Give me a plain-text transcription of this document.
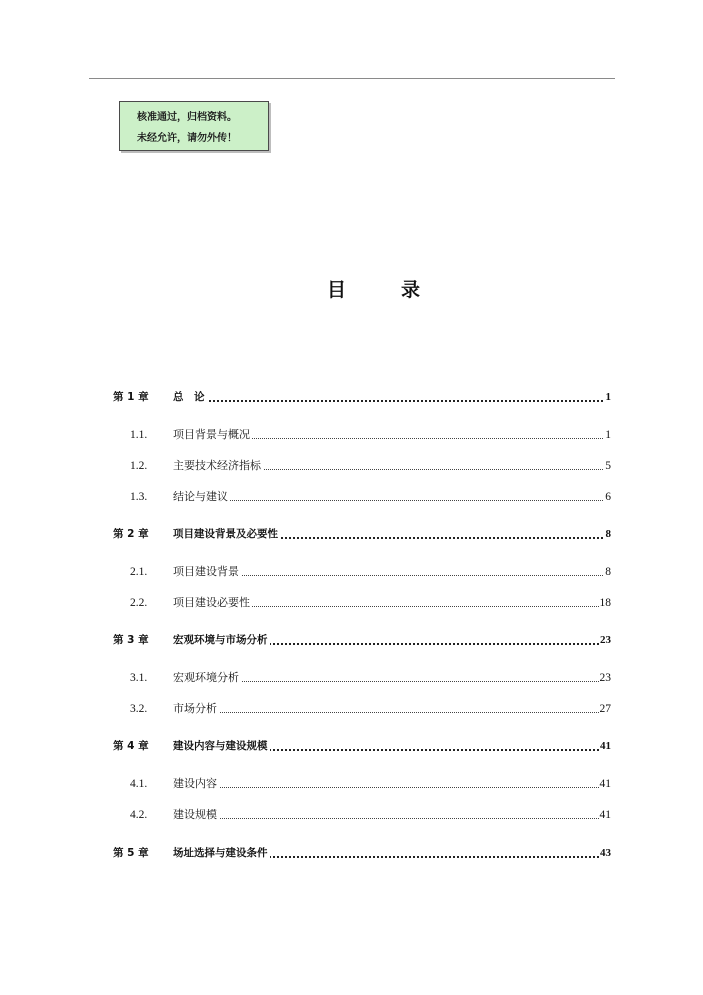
核准通过，归档资料。
未经允许，请勿外传！
目	录
第 1 章 总　论	1
1.1. 项目背景与概况	1
1.2. 主要技术经济指标	5
1.3. 结论与建议	6
第 2 章 项目建设背景及必要性	8
2.1. 项目建设背景	8
2.2. 项目建设必要性	18
第 3 章 宏观环境与市场分析	23
3.1. 宏观环境分析	23
3.2. 市场分析	27
第 4 章 建设内容与建设规模	41
4.1. 建设内容	41
4.2. 建设规模	41
第 5 章 场址选择与建设条件	43
